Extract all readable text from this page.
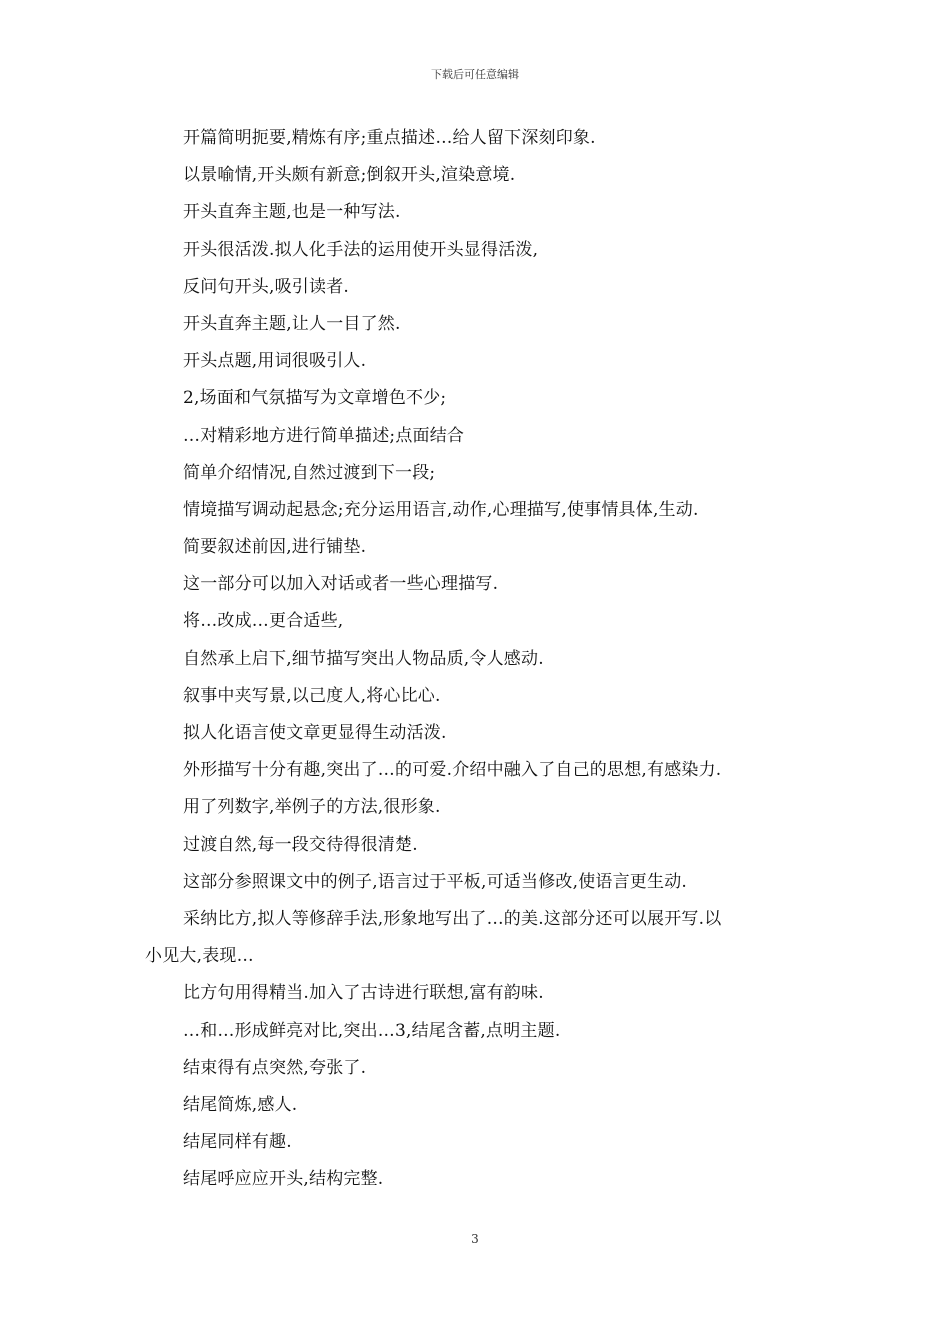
下载后可任意编辑
开篇简明扼要,精炼有序;重点描述…给人留下深刻印象.
以景喻情,开头颇有新意;倒叙开头,渲染意境.
开头直奔主题,也是一种写法.
开头很活泼.拟人化手法的运用使开头显得活泼,
反问句开头,吸引读者.
开头直奔主题,让人一目了然.
开头点题,用词很吸引人.
2,场面和气氛描写为文章增色不少;
…对精彩地方进行简单描述;点面结合
简单介绍情况,自然过渡到下一段;
情境描写调动起悬念;充分运用语言,动作,心理描写,使事情具体,生动.
简要叙述前因,进行铺垫.
这一部分可以加入对话或者一些心理描写.
将…改成…更合适些,
自然承上启下,细节描写突出人物品质,令人感动.
叙事中夹写景,以己度人,将心比心.
拟人化语言使文章更显得生动活泼.
外形描写十分有趣,突出了…的可爱.介绍中融入了自己的思想,有感染力.
用了列数字,举例子的方法,很形象.
过渡自然,每一段交待得很清楚.
这部分参照课文中的例子,语言过于平板,可适当修改,使语言更生动.
采纳比方,拟人等修辞手法,形象地写出了…的美.这部分还可以展开写.以
小见大,表现…
比方句用得精当.加入了古诗进行联想,富有韵味.
…和…形成鲜亮对比,突出…3,结尾含蓄,点明主题.
结束得有点突然,夸张了.
结尾简炼,感人.
结尾同样有趣.
结尾呼应应开头,结构完整.
3
